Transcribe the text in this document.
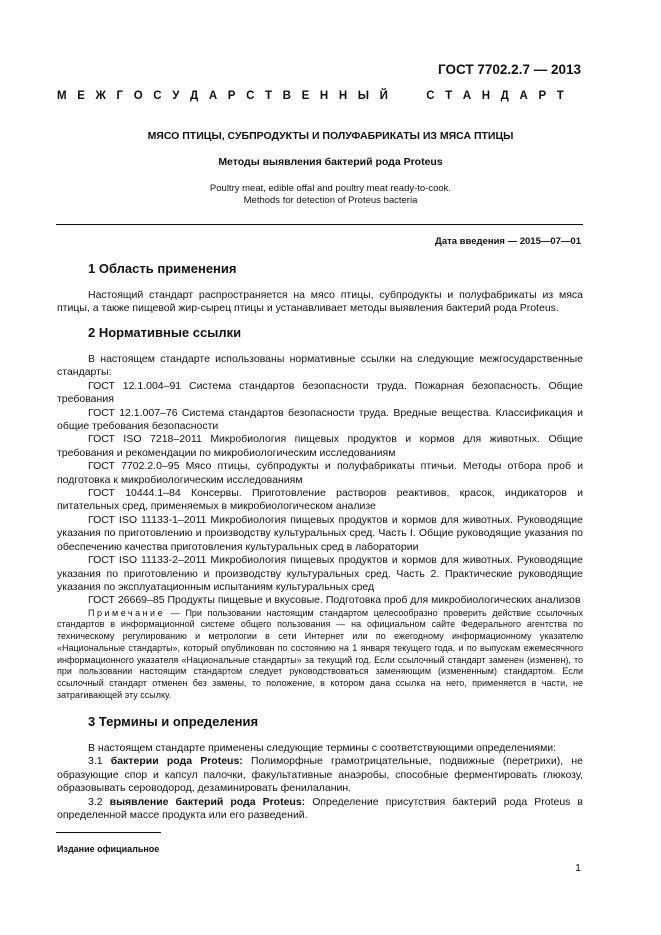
ГОСТ 7702.2.7 — 2013
М Е Ж Г О С У Д А Р С Т В Е Н Н Ы Й

	С Т А Н Д А Р Т
МЯСО ПТИЦЫ, СУБПРОДУКТЫ И ПОЛУФАБРИКАТЫ ИЗ МЯСА ПТИЦЫ
Методы выявления бактерий рода Proteus
Poultry meat, edible offal and poultry meat ready-to-cook.
Methods for detection of Proteus bacteria
Дата введения — 2015—07—01
1 Область применения

Настоящий стандарт распространяется на мясо птицы, субпродукты и полуфабрикаты из мяса птицы, а также пищевой жир-сырец птицы и устанавливает методы выявления бактерий рода Proteus.

2 Нормативные ссылки

В настоящем стандарте использованы нормативные ссылки на следующие межгосударственные стандарты:

ГОСТ 12.1.004–91 Система стандартов безопасности труда. Пожарная безопасность. Общие требования

ГОСТ 12.1.007–76 Система стандартов безопасности труда. Вредные вещества. Классификация и общие требования безопасности

ГОСТ ISO 7218–2011 Микробиология пищевых продуктов и кормов для животных. Общие требования и рекомендации по микробиологическим исследованиям

ГОСТ 7702.2.0–95 Мясо птицы, субпродукты и полуфабрикаты птичьи. Методы отбора проб и подготовка к микробиологическим исследованиям

ГОСТ 10444.1–84 Консервы. Приготовление растворов реактивов, красок, индикаторов и питательных сред, применяемых в микробиологическом анализе

ГОСТ ISO 11133-1–2011 Микробиология пищевых продуктов и кормов для животных. Руководящие указания по приготовлению и производству культуральных сред. Часть I. Общие руководящие указания по обеспечению качества приготовления культуральных сред в лаборатории

ГОСТ ISO 11133-2–2011 Микробиология пищевых продуктов и кормов для животных. Руководящие указания по приготовлению и производству культуральных сред. Часть 2. Практические руководящие указания по эксплуатационным испытаниям культуральных сред

ГОСТ 26669–85 Продукты пищевые и вкусовые. Подготовка проб для микробиологических анализов

Примечание — При пользовании настоящим стандартом целесообразно проверить действие ссылочных стандартов в информационной системе общего пользования — на официальном сайте Федерального агентства по техническому регулированию и метрологии в сети Интернет или по ежегодному информационному указателю «Национальные стандарты», который опубликован по состоянию на 1 января текущего года, и по выпускам ежемесячного информационного указателя «Национальные стандарты» за текущий год. Если ссылочный стандарт заменен (изменен), то при пользовании настоящим стандартом следует руководствоваться заменяющим (измененным) стандартом. Если ссылочный стандарт отменен без замены, то положение, в котором дана ссылка на него, применяется в части, не затрагивающей эту ссылку.

3 Термины и определения

В настоящем стандарте применены следующие термины с соответствующими определениями:

3.1 бактерии рода Proteus: Полиморфные грамотрицательные, подвижные (перетрихи), не образующие спор и капсул палочки, факультативные анаэробы, способные ферментировать глюкозу, образовывать сероводород, дезаминировать фенилаланин.

3.2 выявление бактерий рода Proteus: Определение присутствия бактерий рода Proteus в определенной массе продукта или его разведений.

Издание официальное
1
